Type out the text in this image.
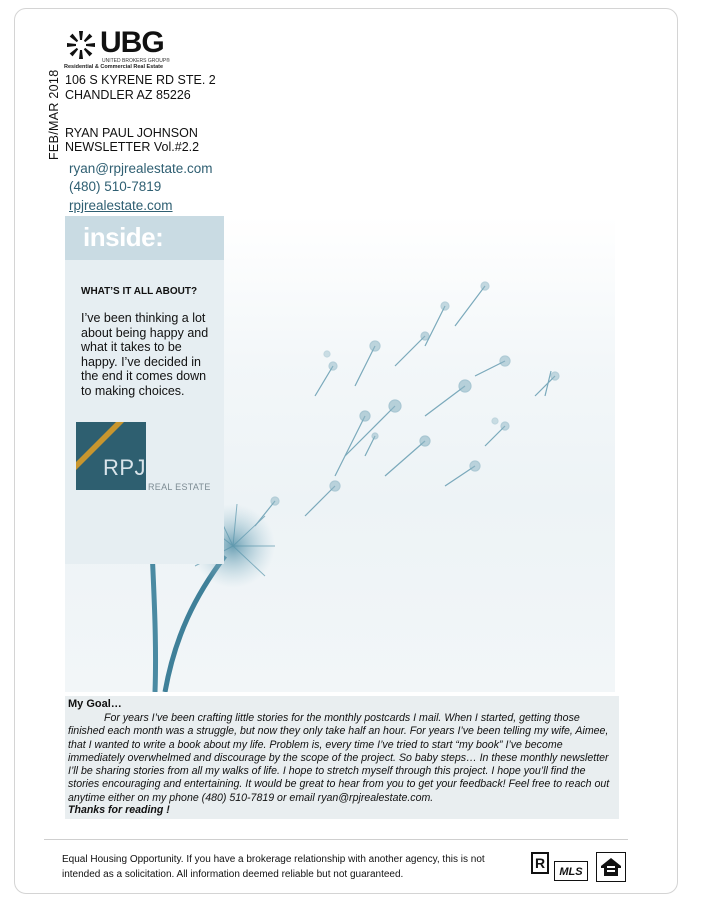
UBG
UNITED BROKERS GROUP®
Residential & Commercial Real Estate
FEB/MAR 2018 106 S KYRENE RD STE. 2
CHANDLER AZ 85226
RYAN PAUL JOHNSON
NEWSLETTER Vol.#2.2
ryan@rpjrealestate.com
(480) 510-7819
rpjrealestate.com
inside:
WHAT’S IT ALL ABOUT?
I’ve been thinking a lot about being happy and what it takes to be happy. I’ve decided in the end it comes down to making choices.
RPJ
REAL ESTATE
My Goal…
For years I’ve been crafting little stories for the monthly postcards I mail. When I started, getting those finished each month was a struggle, but now they only take half an hour. For years I’ve been telling my wife, Aimee, that I wanted to write a book about my life. Problem is, every time I’ve tried to start “my book” I’ve become immediately overwhelmed and discourage by the scope of the project. So baby steps… In these monthly newsletter I’ll be sharing stories from all my walks of life. I hope to stretch myself through this project. I hope you’ll find the stories encouraging and entertaining. It would be great to hear from you to get your feedback! Feel free to reach out anytime either on my phone (480) 510-7819 or email ryan@rpjrealestate.com.
Thanks for reading !
Equal Housing Opportunity. If you have a brokerage relationship with another agency, this is not intended as a solicitation. All information deemed reliable but not guaranteed.
R
MLS
